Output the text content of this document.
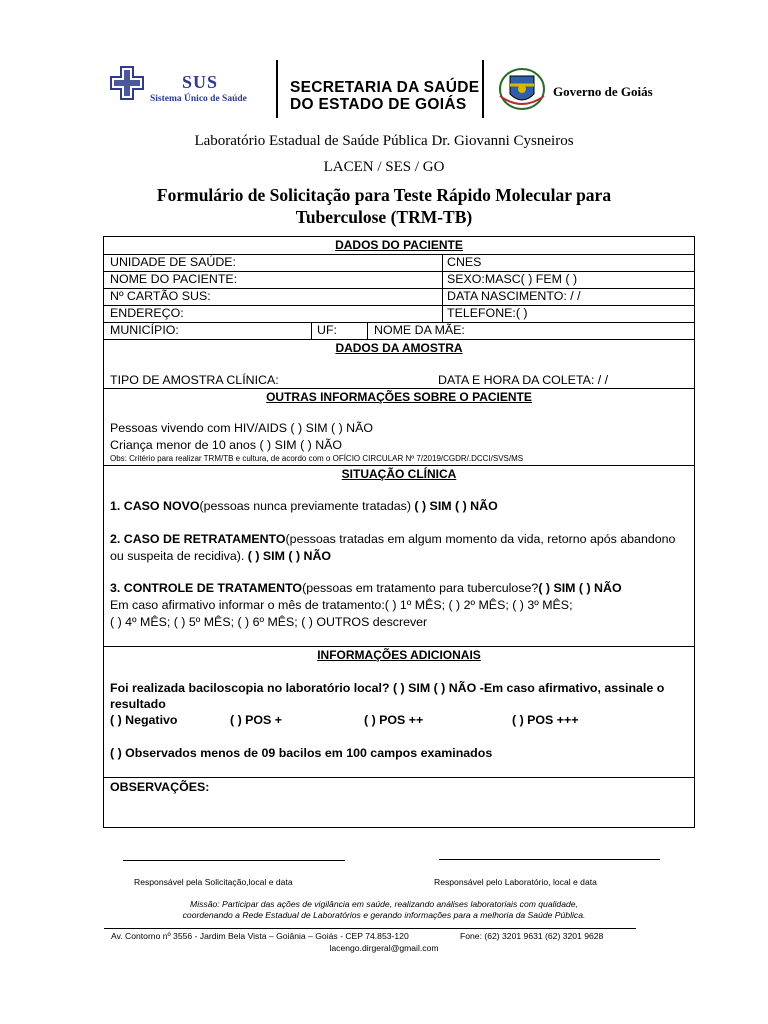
SUS
Sistema Único de Saúde
SECRETARIA DA SAÚDE
DO ESTADO DE GOIÁS
Governo de Goiás
Laboratório Estadual de Saúde Pública Dr. Giovanni Cysneiros
LACEN / SES / GO
Formulário de Solicitação para Teste Rápido Molecular para Tuberculose (TRM-TB)
DADOS DO PACIENTE
UNIDADE DE SAÚDE:	CNES
NOME DO PACIENTE:	SEXO:MASC( ) FEM ( )
Nº CARTÃO SUS:	DATA NASCIMENTO: / /
ENDEREÇO:	TELEFONE:( )
MUNICÍPIO:	UF:	NOME DA MÃE:
DADOS DA AMOSTRA
TIPO DE AMOSTRA CLÍNICA:	DATA E HORA DA COLETA: / /
OUTRAS INFORMAÇÕES SOBRE O PACIENTE
Pessoas vivendo com HIV/AIDS ( ) SIM ( ) NÃO
Criança menor de 10 anos ( ) SIM ( ) NÃO
Obs: Critério para realizar TRM/TB e cultura, de acordo com o OFÍCIO CIRCULAR Nº 7/2019/CGDR/.DCCI/SVS/MS
SITUAÇÃO CLÍNICA
1. CASO NOVO(pessoas nunca previamente tratadas) ( ) SIM ( ) NÃO
2. CASO DE RETRATAMENTO(pessoas tratadas em algum momento da vida, retorno após abandono
ou suspeita de recidiva). ( ) SIM ( ) NÃO
3. CONTROLE DE TRATAMENTO(pessoas em tratamento para tuberculose?( ) SIM ( ) NÃO
Em caso afirmativo informar o mês de tratamento:( ) 1º MÊS; ( ) 2º MÊS; ( ) 3º MÊS;
( ) 4º MÊS; ( ) 5º MÊS; ( ) 6º MÊS; ( ) OUTROS descrever
INFORMAÇÕES ADICIONAIS
Foi realizada baciloscopia no laboratório local? ( ) SIM ( ) NÃO -Em caso afirmativo, assinale o
resultado
( ) Negativo	( ) POS +	( ) POS ++	( ) POS +++
( ) Observados menos de 09 bacilos em 100 campos examinados
OBSERVAÇÕES:
Responsável pela Solicitação,local e data	Responsável pelo Laboratório, local e data
Missão: Participar das ações de vigilância em saúde, realizando análises laboratoriais com qualidade,
coordenando a Rede Estadual de Laboratórios e gerando informações para a melhoria da Saúde Pública.
Av. Contorno nº 3556 - Jardim Bela Vista – Goiânia – Goiás - CEP 74.853-120	Fone: (62) 3201 9631 (62) 3201 9628
lacengo.dirgeral@gmail.com
